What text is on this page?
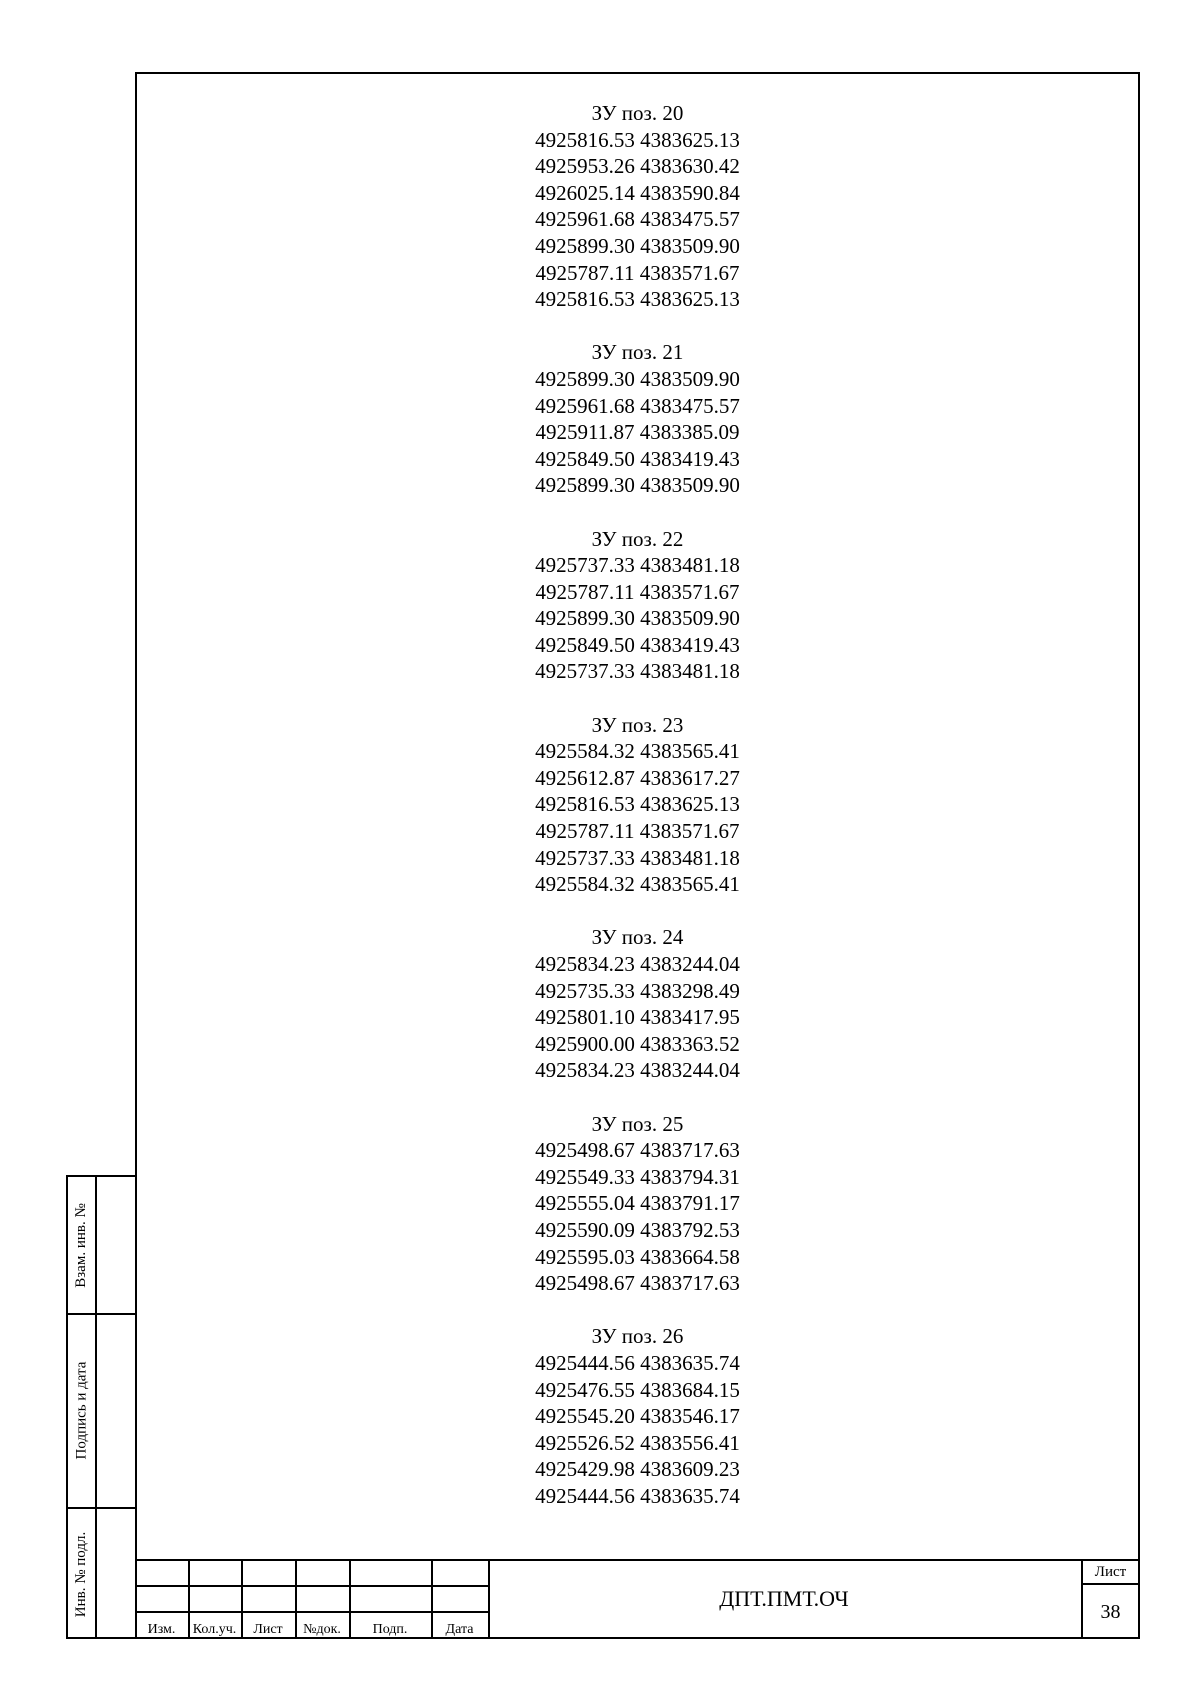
ЗУ поз. 20
4925816.53 4383625.13
4925953.26 4383630.42
4926025.14 4383590.84
4925961.68 4383475.57
4925899.30 4383509.90
4925787.11 4383571.67
4925816.53 4383625.13
ЗУ поз. 21
4925899.30 4383509.90
4925961.68 4383475.57
4925911.87 4383385.09
4925849.50 4383419.43
4925899.30 4383509.90
ЗУ поз. 22
4925737.33 4383481.18
4925787.11 4383571.67
4925899.30 4383509.90
4925849.50 4383419.43
4925737.33 4383481.18
ЗУ поз. 23
4925584.32 4383565.41
4925612.87 4383617.27
4925816.53 4383625.13
4925787.11 4383571.67
4925737.33 4383481.18
4925584.32 4383565.41
ЗУ поз. 24
4925834.23 4383244.04
4925735.33 4383298.49
4925801.10 4383417.95
4925900.00 4383363.52
4925834.23 4383244.04
ЗУ поз. 25
4925498.67 4383717.63
4925549.33 4383794.31
4925555.04 4383791.17
4925590.09 4383792.53
4925595.03 4383664.58
4925498.67 4383717.63
ЗУ поз. 26
4925444.56 4383635.74
4925476.55 4383684.15
4925545.20 4383546.17
4925526.52 4383556.41
4925429.98 4383609.23
4925444.56 4383635.74
Взам. инв. №
Подпись и дата
Инв. № подл.
Изм.	Кол.уч.	Лист	№док.	Подп.	Дата
ДПТ.ПМТ.ОЧ
Лист
38
